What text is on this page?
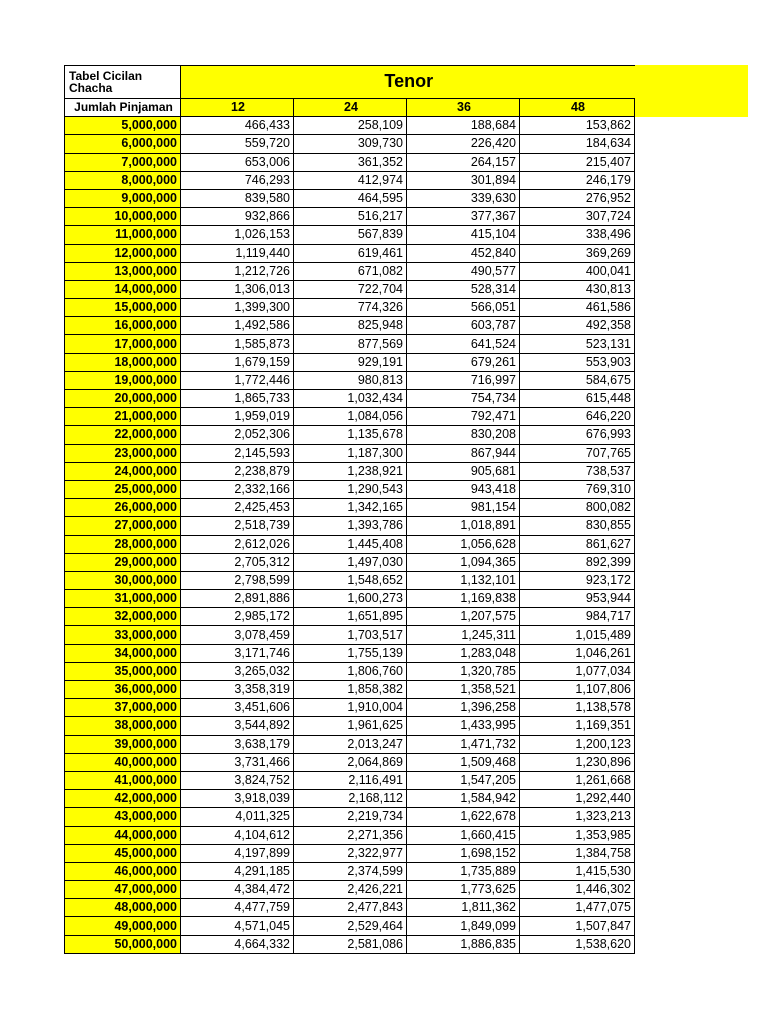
Tabel Cicilan Chacha	Tenor			
Jumlah Pinjaman	12	24	36	48
5,000,000	466,433	258,109	188,684	153,862
6,000,000	559,720	309,730	226,420	184,634
7,000,000	653,006	361,352	264,157	215,407
8,000,000	746,293	412,974	301,894	246,179
9,000,000	839,580	464,595	339,630	276,952
10,000,000	932,866	516,217	377,367	307,724
11,000,000	1,026,153	567,839	415,104	338,496
12,000,000	1,119,440	619,461	452,840	369,269
13,000,000	1,212,726	671,082	490,577	400,041
14,000,000	1,306,013	722,704	528,314	430,813
15,000,000	1,399,300	774,326	566,051	461,586
16,000,000	1,492,586	825,948	603,787	492,358
17,000,000	1,585,873	877,569	641,524	523,131
18,000,000	1,679,159	929,191	679,261	553,903
19,000,000	1,772,446	980,813	716,997	584,675
20,000,000	1,865,733	1,032,434	754,734	615,448
21,000,000	1,959,019	1,084,056	792,471	646,220
22,000,000	2,052,306	1,135,678	830,208	676,993
23,000,000	2,145,593	1,187,300	867,944	707,765
24,000,000	2,238,879	1,238,921	905,681	738,537
25,000,000	2,332,166	1,290,543	943,418	769,310
26,000,000	2,425,453	1,342,165	981,154	800,082
27,000,000	2,518,739	1,393,786	1,018,891	830,855
28,000,000	2,612,026	1,445,408	1,056,628	861,627
29,000,000	2,705,312	1,497,030	1,094,365	892,399
30,000,000	2,798,599	1,548,652	1,132,101	923,172
31,000,000	2,891,886	1,600,273	1,169,838	953,944
32,000,000	2,985,172	1,651,895	1,207,575	984,717
33,000,000	3,078,459	1,703,517	1,245,311	1,015,489
34,000,000	3,171,746	1,755,139	1,283,048	1,046,261
35,000,000	3,265,032	1,806,760	1,320,785	1,077,034
36,000,000	3,358,319	1,858,382	1,358,521	1,107,806
37,000,000	3,451,606	1,910,004	1,396,258	1,138,578
38,000,000	3,544,892	1,961,625	1,433,995	1,169,351
39,000,000	3,638,179	2,013,247	1,471,732	1,200,123
40,000,000	3,731,466	2,064,869	1,509,468	1,230,896
41,000,000	3,824,752	2,116,491	1,547,205	1,261,668
42,000,000	3,918,039	2,168,112	1,584,942	1,292,440
43,000,000	4,011,325	2,219,734	1,622,678	1,323,213
44,000,000	4,104,612	2,271,356	1,660,415	1,353,985
45,000,000	4,197,899	2,322,977	1,698,152	1,384,758
46,000,000	4,291,185	2,374,599	1,735,889	1,415,530
47,000,000	4,384,472	2,426,221	1,773,625	1,446,302
48,000,000	4,477,759	2,477,843	1,811,362	1,477,075
49,000,000	4,571,045	2,529,464	1,849,099	1,507,847
50,000,000	4,664,332	2,581,086	1,886,835	1,538,620
